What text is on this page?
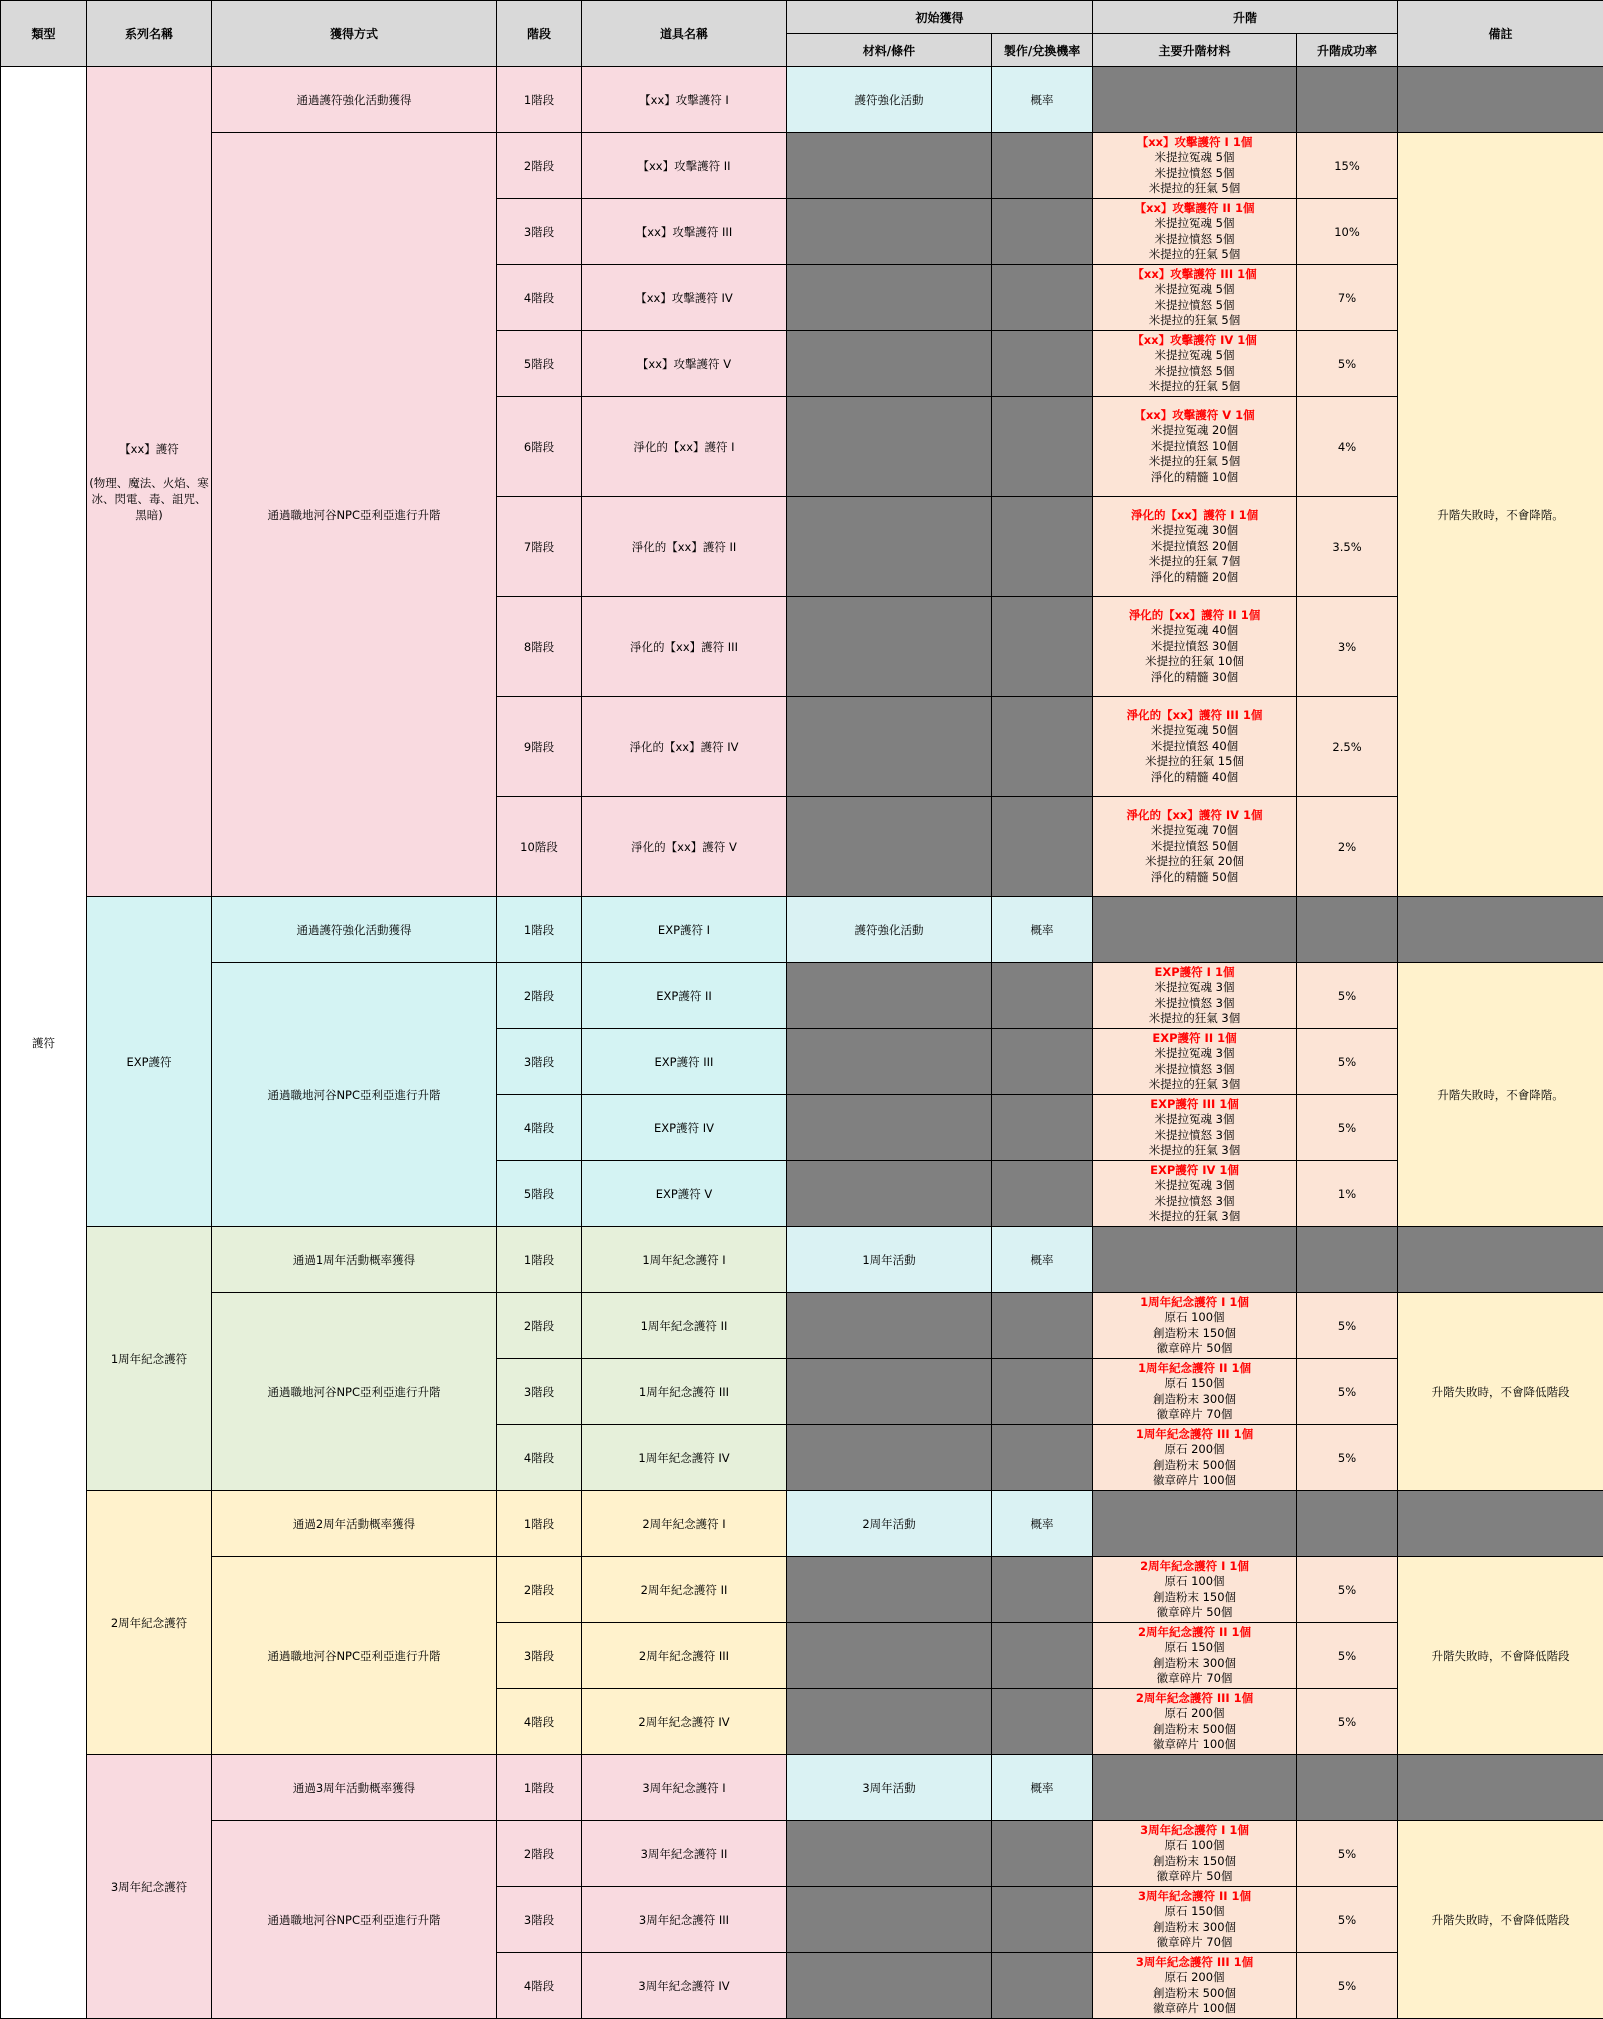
類型	系列名稱	獲得方式	階段	道具名稱	初始獲得		升階		備註
					材料/條件	製作/兌換機率	主要升階材料	升階成功率	
護符	【xx】護符
(物理、魔法、火焰、寒冰、閃電、毒、詛咒、黑暗)	通過護符強化活動獲得	1階段	【xx】攻擊護符 I	護符強化活動	概率			
		通過職地河谷NPC亞利亞進行升階	2階段	【xx】攻擊護符 II			【xx】攻擊護符 I 1個
米提拉冤魂 5個
米提拉憤怒 5個
米提拉的狂氣 5個	15%	升階失敗時，不會降階。
			3階段	【xx】攻擊護符 III			【xx】攻擊護符 II 1個
米提拉冤魂 5個
米提拉憤怒 5個
米提拉的狂氣 5個	10%	
			4階段	【xx】攻擊護符 IV			【xx】攻擊護符 III 1個
米提拉冤魂 5個
米提拉憤怒 5個
米提拉的狂氣 5個	7%	
			5階段	【xx】攻擊護符 V			【xx】攻擊護符 IV 1個
米提拉冤魂 5個
米提拉憤怒 5個
米提拉的狂氣 5個	5%	
			6階段	淨化的【xx】護符 I			【xx】攻擊護符 V 1個
米提拉冤魂 20個
米提拉憤怒 10個
米提拉的狂氣 5個
淨化的精髓 10個	4%	
			7階段	淨化的【xx】護符 II			淨化的【xx】護符 I 1個
米提拉冤魂 30個
米提拉憤怒 20個
米提拉的狂氣 7個
淨化的精髓 20個	3.5%	
			8階段	淨化的【xx】護符 III			淨化的【xx】護符 II 1個
米提拉冤魂 40個
米提拉憤怒 30個
米提拉的狂氣 10個
淨化的精髓 30個	3%	
			9階段	淨化的【xx】護符 IV			淨化的【xx】護符 III 1個
米提拉冤魂 50個
米提拉憤怒 40個
米提拉的狂氣 15個
淨化的精髓 40個	2.5%	
			10階段	淨化的【xx】護符 V			淨化的【xx】護符 IV 1個
米提拉冤魂 70個
米提拉憤怒 50個
米提拉的狂氣 20個
淨化的精髓 50個	2%	
	EXP護符	通過護符強化活動獲得	1階段	EXP護符 I	護符強化活動	概率			
		通過職地河谷NPC亞利亞進行升階	2階段	EXP護符 II			EXP護符 I 1個
米提拉冤魂 3個
米提拉憤怒 3個
米提拉的狂氣 3個	5%	升階失敗時，不會降階。
			3階段	EXP護符 III			EXP護符 II 1個
米提拉冤魂 3個
米提拉憤怒 3個
米提拉的狂氣 3個	5%	
			4階段	EXP護符 IV			EXP護符 III 1個
米提拉冤魂 3個
米提拉憤怒 3個
米提拉的狂氣 3個	5%	
			5階段	EXP護符 V			EXP護符 IV 1個
米提拉冤魂 3個
米提拉憤怒 3個
米提拉的狂氣 3個	1%	
	1周年紀念護符	通過1周年活動概率獲得	1階段	1周年紀念護符 I	1周年活動	概率			
		通過職地河谷NPC亞利亞進行升階	2階段	1周年紀念護符 II			1周年紀念護符 I 1個
原石 100個
創造粉末 150個
徽章碎片 50個	5%	升階失敗時，不會降低階段
			3階段	1周年紀念護符 III			1周年紀念護符 II 1個
原石 150個
創造粉末 300個
徽章碎片 70個	5%	
			4階段	1周年紀念護符 IV			1周年紀念護符 III 1個
原石 200個
創造粉末 500個
徽章碎片 100個	5%	
	2周年紀念護符	通過2周年活動概率獲得	1階段	2周年紀念護符 I	2周年活動	概率			
		通過職地河谷NPC亞利亞進行升階	2階段	2周年紀念護符 II			2周年紀念護符 I 1個
原石 100個
創造粉末 150個
徽章碎片 50個	5%	升階失敗時，不會降低階段
			3階段	2周年紀念護符 III			2周年紀念護符 II 1個
原石 150個
創造粉末 300個
徽章碎片 70個	5%	
			4階段	2周年紀念護符 IV			2周年紀念護符 III 1個
原石 200個
創造粉末 500個
徽章碎片 100個	5%	
	3周年紀念護符	通過3周年活動概率獲得	1階段	3周年紀念護符 I	3周年活動	概率			
		通過職地河谷NPC亞利亞進行升階	2階段	3周年紀念護符 II			3周年紀念護符 I 1個
原石 100個
創造粉末 150個
徽章碎片 50個	5%	升階失敗時，不會降低階段
			3階段	3周年紀念護符 III			3周年紀念護符 II 1個
原石 150個
創造粉末 300個
徽章碎片 70個	5%	
			4階段	3周年紀念護符 IV			3周年紀念護符 III 1個
原石 200個
創造粉末 500個
徽章碎片 100個	5%	
